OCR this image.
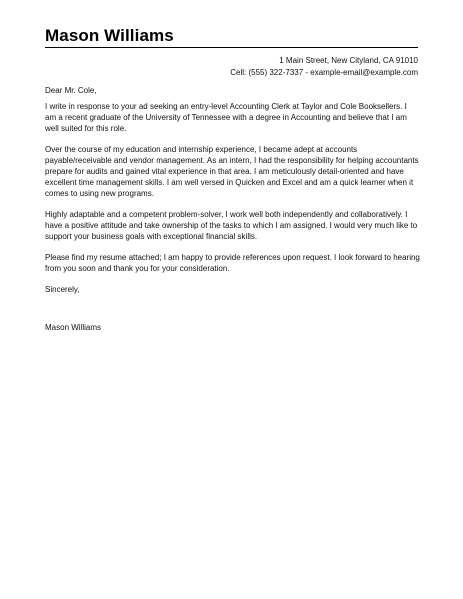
Mason Williams
1 Main Street, New Cityland, CA 91010
Cell: (555) 322-7337 - example-email@example.com

Dear Mr. Cole,

I write in response to your ad seeking an entry-level Accounting Clerk at Taylor and Cole Booksellers. I am a recent graduate of the University of Tennessee with a degree in Accounting and believe that I am well suited for this role.

Over the course of my education and internship experience, I became adept at accounts payable/receivable and vendor management. As an intern, I had the responsibility for helping accountants prepare for audits and gained vital experience in that area. I am meticulously detail-oriented and have excellent time management skills. I am well versed in Quicken and Excel and am a quick learner when it comes to using new programs.

Highly adaptable and a competent problem-solver, I work well both independently and collaboratively. I have a positive attitude and take ownership of the tasks to which I am assigned. I would very much like to support your business goals with exceptional financial skills.

Please find my resume attached; I am happy to provide references upon request. I look forward to hearing from you soon and thank you for your consideration.

Sincerely,

Mason Williams
